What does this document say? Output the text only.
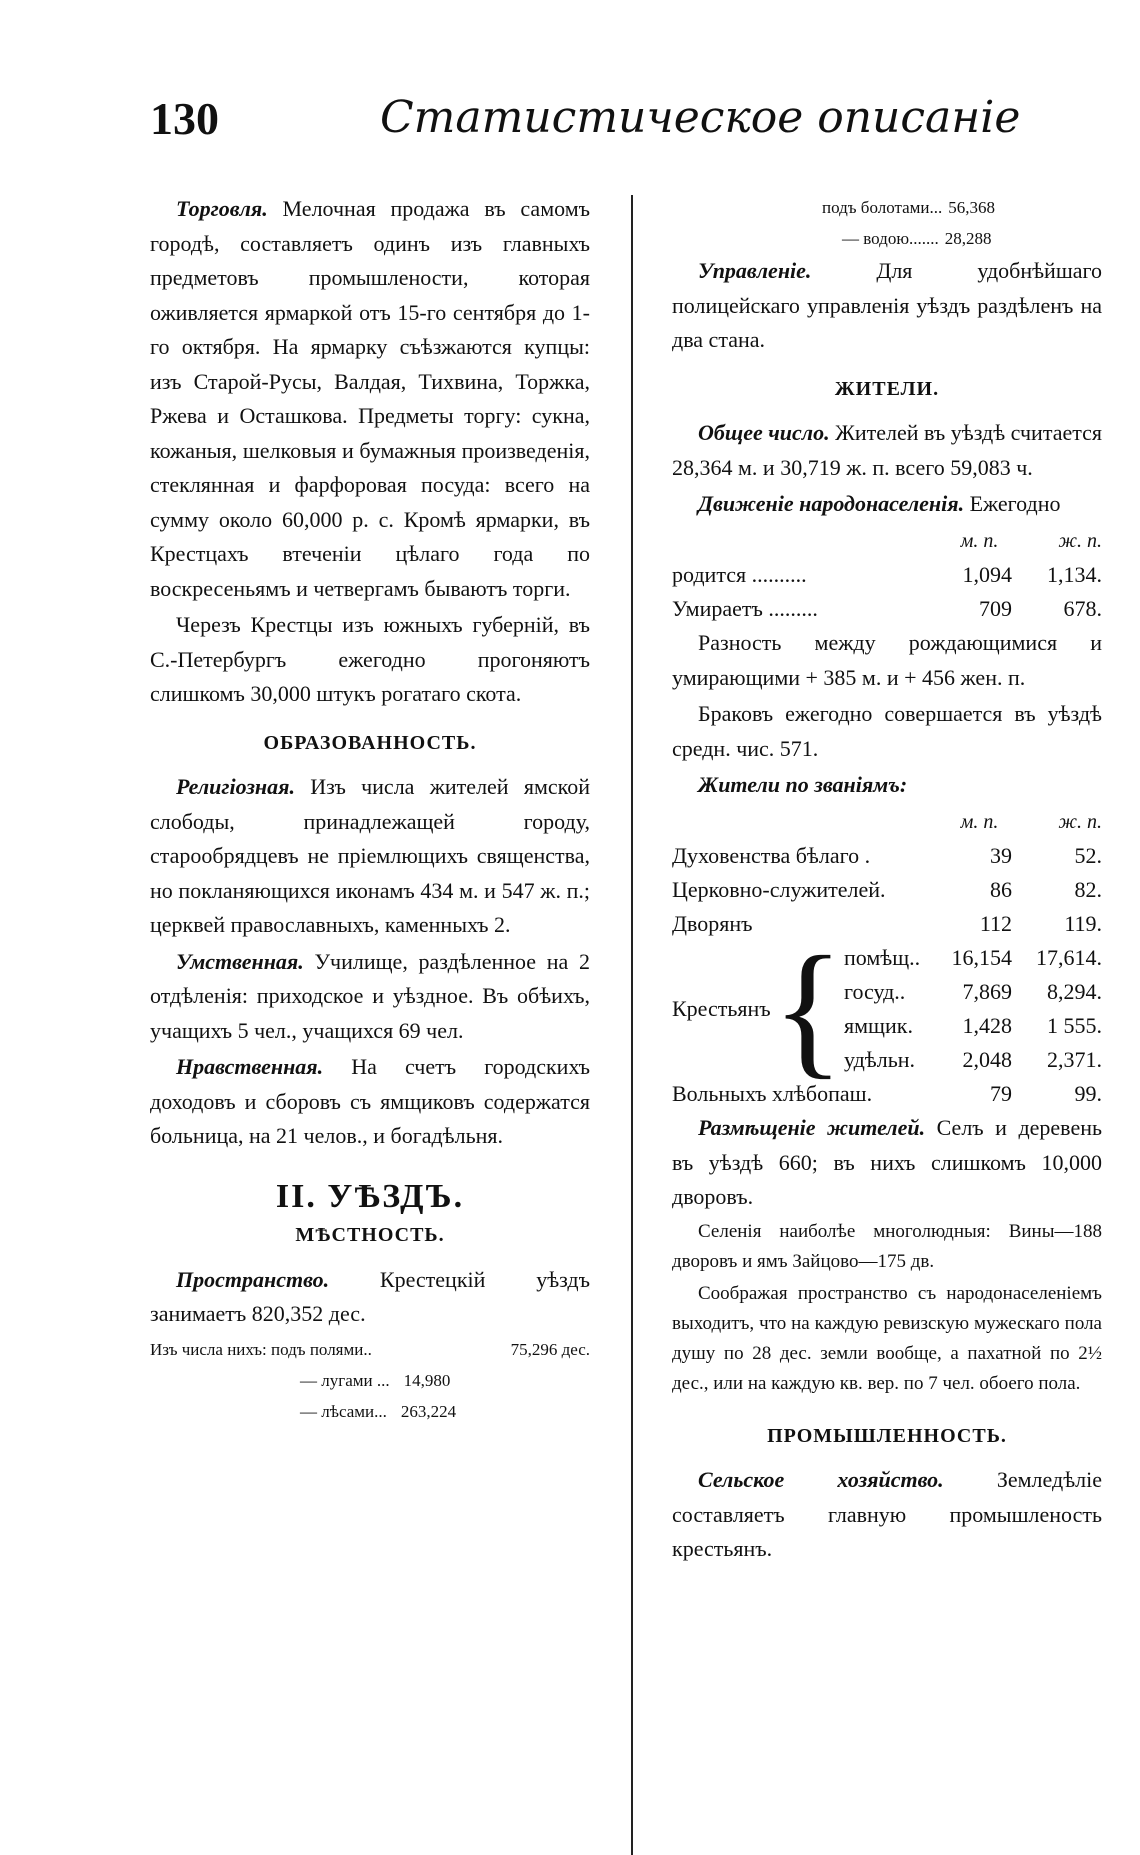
130	Статистическое описаніе

Торговля. Мелочная продажа въ самомъ городѣ, составляетъ одинъ изъ главныхъ предметовъ промышлености, которая оживляется ярмаркой отъ 15-го сентября до 1-го октября. На ярмарку съѣзжаются купцы: изъ Старой-Русы, Валдая, Тихвина, Торжка, Ржева и Осташкова. Предметы торгу: сукна, кожаныя, шелковыя и бумажныя произведенія, стеклянная и фарфоровая посуда: всего на сумму около 60,000 р. с. Кромѣ ярмарки, въ Крестцахъ втеченіи цѣлаго года по воскресеньямъ и четвергамъ бываютъ торги.

Черезъ Крестцы изъ южныхъ губерній, въ С.-Петербургъ ежегодно прогоняютъ слишкомъ 30,000 штукъ рогатаго скота.

ОБРАЗОВАННОСТЬ.

Религіозная. Изъ числа жителей ямской слободы, принадлежащей городу, старообрядцевъ не пріемлющихъ священства, но покланяющихся иконамъ 434 м. и 547 ж. п.; церквей православныхъ, каменныхъ 2.

Умственная. Училище, раздѣленное на 2 отдѣленія: приходское и уѣздное. Въ обѣихъ, учащихъ 5 чел., учащихся 69 чел.

Нравственная. На счетъ городскихъ доходовъ и сборовъ съ ямщиковъ содержатся больница, на 21 челов., и богадѣльня.

II. УѢЗДЪ.
МѢСТНОСТЬ.

Пространство. Крестецкій уѣздъ занимаетъ 820,352 дес.

Изъ числа нихъ: подъ полями..	75,296 дес.
— лугами ... 14,980
— лѣсами... 263,224
подъ болотами... 56,368
— водою....... 28,288

Управленіе.	Для удобнѣйшаго полицейскаго управленія уѣздъ раздѣленъ на два стана.

ЖИТЕЛИ.

Общее число. Жителей въ уѣздѣ считается 28,364 м. и 30,719 ж. п. всего 59,083 ч.

Движеніе народонаселенія. Ежегодно

м. п.	ж. п.
родится ..........	1,094	1,134.
Умираетъ .........	709	678.

Разность между рождающимися и умирающими + 385 м. и + 456 жен. п.

Браковъ ежегодно совершается въ уѣздѣ средн. чис. 571.

Жители по званіямъ:

м. п.	ж. п.
Духовенства бѣлаго .	39	52.
Церковно-служителей.	86	82.
Дворянъ	112	119.
Крестьянъ	{	помѣщ..	16,154	17,614.
		госуд..	7,869	8,294.
		ямщик.	1,428	1 555.
		удѣльн.	2,048	2,371.
Вольныхъ хлѣбопаш.	79	99.

Размѣщеніе жителей. Селъ и деревень въ уѣздѣ 660; въ нихъ слишкомъ 10,000 дворовъ.

Селенія наиболѣе многолюдныя: Вины—188 дворовъ и ямъ Зайцово—175 дв.

Соображая пространство съ народонаселеніемъ выходитъ, что на каждую ревизскую мужескаго пола душу по 28 дес. земли вообще, а пахатной по 2½ дес., или на каждую кв. вер. по 7 чел. обоего пола.

ПРОМЫШЛЕННОСТЬ.

Сельское хозяйство. Земледѣліе составляетъ главную промышленость крестьянъ.
